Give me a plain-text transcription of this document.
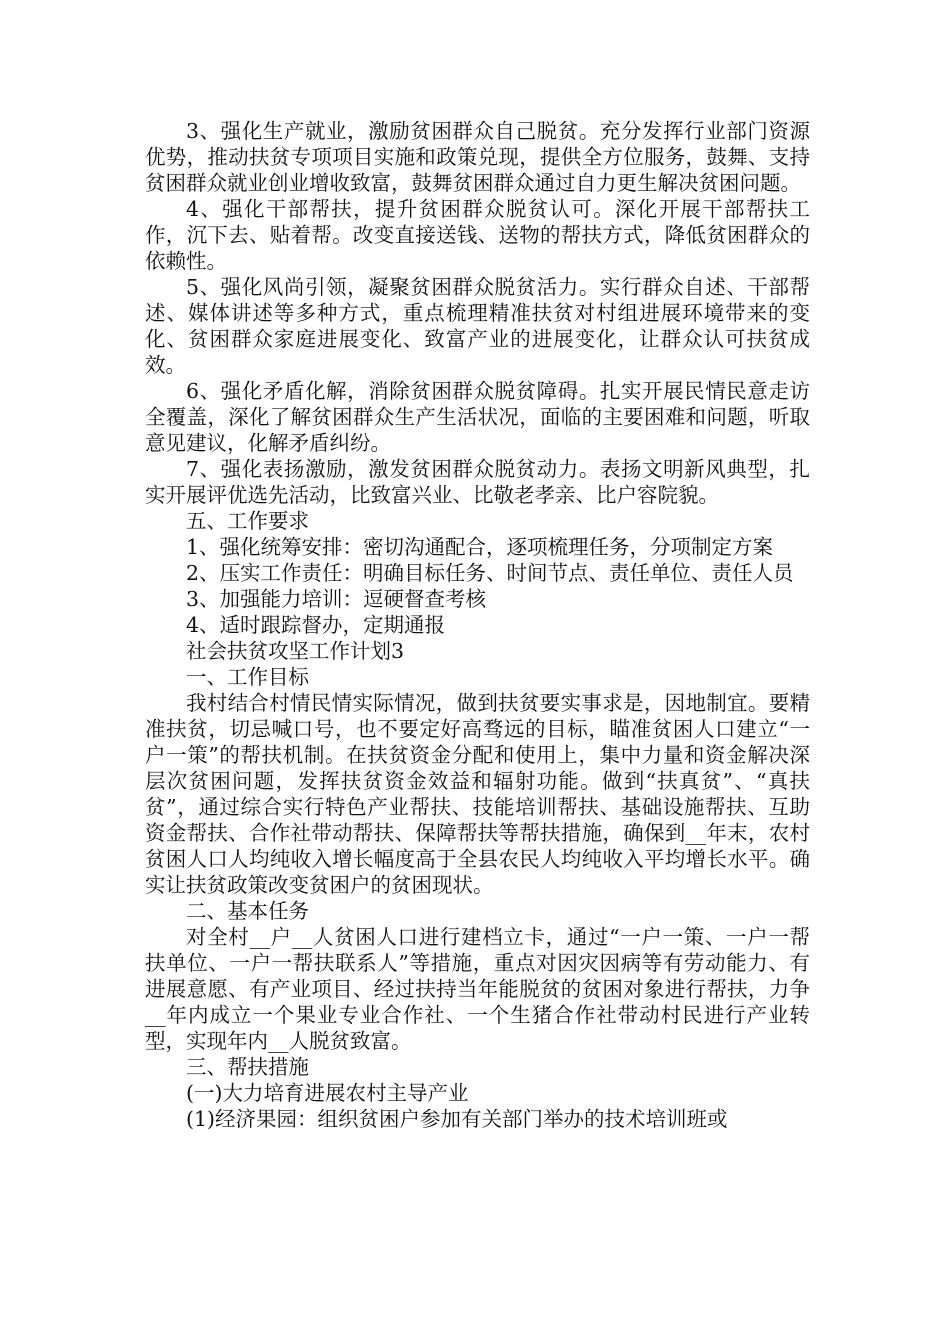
3、强化生产就业，激励贫困群众自己脱贫。充分发挥行业部门资源优势，推动扶贫专项项目实施和政策兑现，提供全方位服务，鼓舞、支持贫困群众就业创业增收致富，鼓舞贫困群众通过自力更生解决贫困问题。

4、强化干部帮扶，提升贫困群众脱贫认可。深化开展干部帮扶工作，沉下去、贴着帮。改变直接送钱、送物的帮扶方式，降低贫困群众的依赖性。

5、强化风尚引领，凝聚贫困群众脱贫活力。实行群众自述、干部帮述、媒体讲述等多种方式，重点梳理精准扶贫对村组进展环境带来的变化、贫困群众家庭进展变化、致富产业的进展变化，让群众认可扶贫成效。

6、强化矛盾化解，消除贫困群众脱贫障碍。扎实开展民情民意走访全覆盖，深化了解贫困群众生产生活状况，面临的主要困难和问题，听取意见建议，化解矛盾纠纷。

7、强化表扬激励，激发贫困群众脱贫动力。表扬文明新风典型，扎实开展评优选先活动，比致富兴业、比敬老孝亲、比户容院貌。

五、工作要求

1、强化统筹安排：密切沟通配合，逐项梳理任务，分项制定方案

2、压实工作责任：明确目标任务、时间节点、责任单位、责任人员

3、加强能力培训：逗硬督查考核

4、适时跟踪督办，定期通报

社会扶贫攻坚工作计划3

一、工作目标

我村结合村情民情实际情况，做到扶贫要实事求是，因地制宜。要精准扶贫，切忌喊口号，也不要定好高骛远的目标，瞄准贫困人口建立“一户一策”的帮扶机制。在扶贫资金分配和使用上，集中力量和资金解决深层次贫困问题，发挥扶贫资金效益和辐射功能。做到“扶真贫”、“真扶贫”，通过综合实行特色产业帮扶、技能培训帮扶、基础设施帮扶、互助资金帮扶、合作社带动帮扶、保障帮扶等帮扶措施，确保到__年末，农村贫困人口人均纯收入增长幅度高于全县农民人均纯收入平均增长水平。确实让扶贫政策改变贫困户的贫困现状。

二、基本任务

对全村__户__人贫困人口进行建档立卡，通过“一户一策、一户一帮扶单位、一户一帮扶联系人”等措施，重点对因灾因病等有劳动能力、有进展意愿、有产业项目、经过扶持当年能脱贫的贫困对象进行帮扶，力争__年内成立一个果业专业合作社、一个生猪合作社带动村民进行产业转型，实现年内__人脱贫致富。

三、帮扶措施

(一)大力培育进展农村主导产业

(1)经济果园：组织贫困户参加有关部门举办的技术培训班或
